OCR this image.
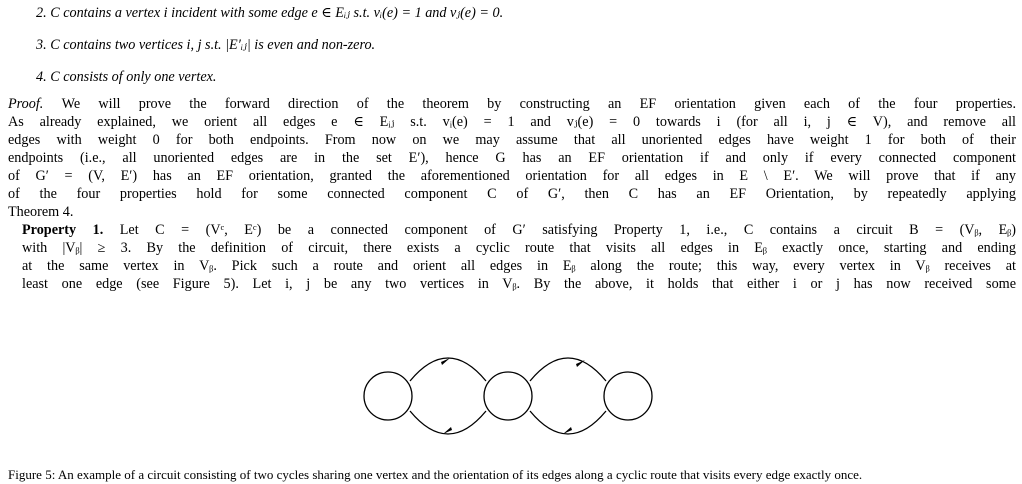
2. C contains a vertex i incident with some edge e ∈ Eᵢⱼ s.t. vᵢ(e) = 1 and vⱼ(e) = 0.
3. C contains two vertices i, j s.t. |E′ᵢⱼ| is even and non-zero.
4. C consists of only one vertex.

Proof. We will prove the forward direction of the theorem by constructing an EF orientation given each of the four properties.
As already explained, we orient all edges e ∈ Eᵢⱼ s.t. vᵢ(e) = 1 and vⱼ(e) = 0 towards i (for all i, j ∈ V), and remove all
edges with weight 0 for both endpoints. From now on we may assume that all unoriented edges have weight 1 for both of their
endpoints (i.e., all unoriented edges are in the set E′), hence G has an EF orientation if and only if every connected component
of G′ = (V, E′) has an EF orientation, granted the aforementioned orientation for all edges in E \ E′. We will prove that if any
of the four properties hold for some connected component C of G′, then C has an EF Orientation, by repeatedly applying
Theorem 4.

Property 1. Let C = (Vᶜ, Eᶜ) be a connected component of G′ satisfying Property 1, i.e., C contains a circuit B = (Vᵦ, Eᵦ)
with |Vᵦ| ≥ 3. By the definition of circuit, there exists a cyclic route that visits all edges in Eᵦ exactly once, starting and ending
at the same vertex in Vᵦ. Pick such a route and orient all edges in Eᵦ along the route; this way, every vertex in Vᵦ receives at
least one edge (see Figure 5). Let i, j be any two vertices in Vᵦ. By the above, it holds that either i or j has now received some

Figure 5: An example of a circuit consisting of two cycles sharing one vertex and the orientation of its edges along a cyclic route that visits every edge exactly once.
